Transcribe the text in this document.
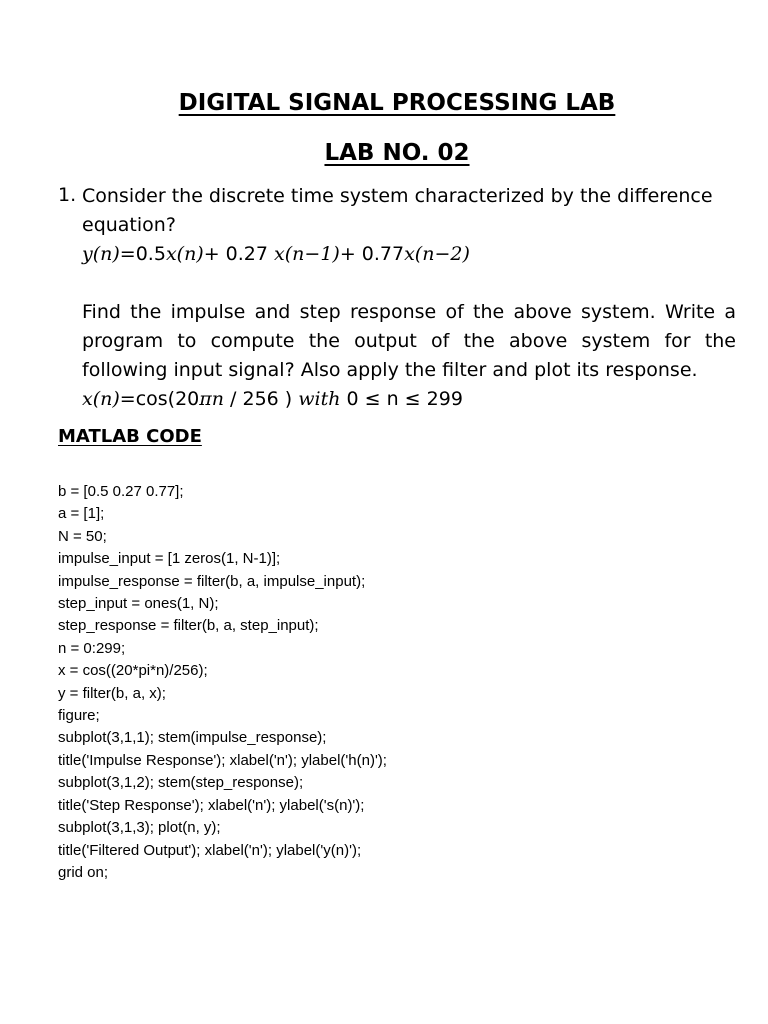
DIGITAL SIGNAL PROCESSING LAB
LAB NO. 02
1. Consider the discrete time system characterized by the difference
equation?
y(n)=0.5x(n)+ 0.27 x(n−1)+ 0.77x(n−2)
Find the impulse and step response of the above system. Write a program to compute the output of the above system for the following input signal? Also apply the filter and plot its response.
x(n)=cos(20πn / 256 ) with 0 ≤ n ≤ 299
MATLAB CODE
b = [0.5 0.27 0.77];
a = [1];
N = 50;
impulse_input = [1 zeros(1, N-1)];
impulse_response = filter(b, a, impulse_input);
step_input = ones(1, N);
step_response = filter(b, a, step_input);
n = 0:299;
x = cos((20*pi*n)/256);
y = filter(b, a, x);
figure;
subplot(3,1,1); stem(impulse_response);
title('Impulse Response'); xlabel('n'); ylabel('h(n)');
subplot(3,1,2); stem(step_response);
title('Step Response'); xlabel('n'); ylabel('s(n)');
subplot(3,1,3); plot(n, y);
title('Filtered Output'); xlabel('n'); ylabel('y(n)');
grid on;
